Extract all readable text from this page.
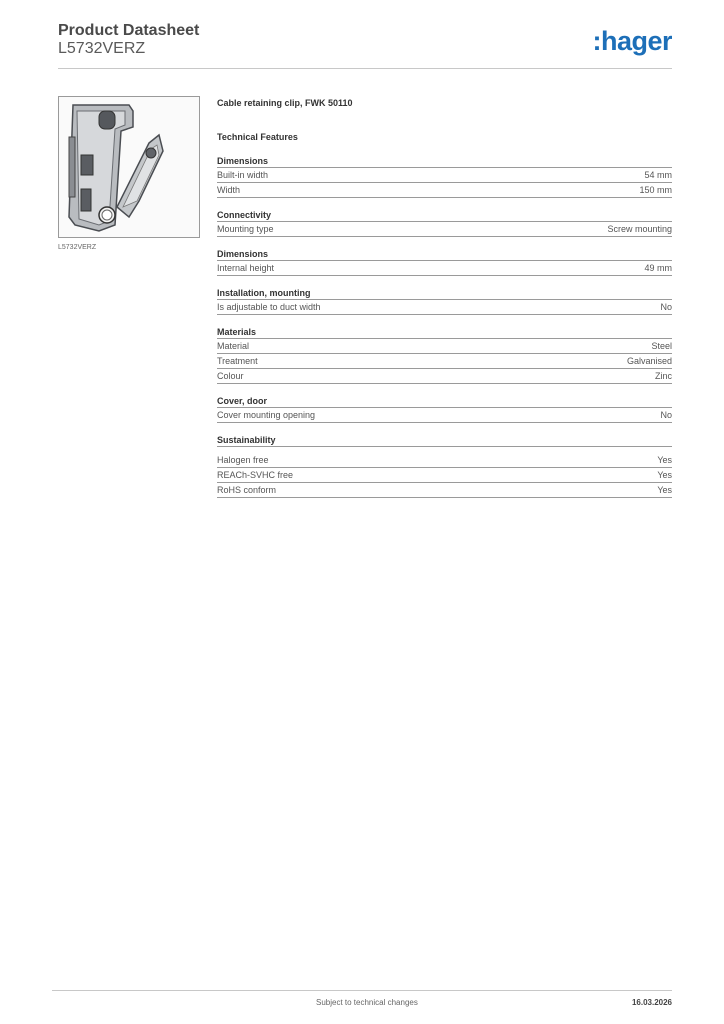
Product Datasheet
L5732VERZ	:hager
L5732VERZ
Cable retaining clip, FWK 50110
Technical Features
Dimensions
Built-in width	54 mm
Width	150 mm
Connectivity
Mounting type	Screw mounting
Dimensions
Internal height	49 mm
Installation, mounting
Is adjustable to duct width	No
Materials
Material	Steel
Treatment	Galvanised
Colour	Zinc
Cover, door
Cover mounting opening	No
Sustainability
Halogen free	Yes
REACh-SVHC free	Yes
RoHS conform	Yes
Subject to technical changes	16.03.2026
